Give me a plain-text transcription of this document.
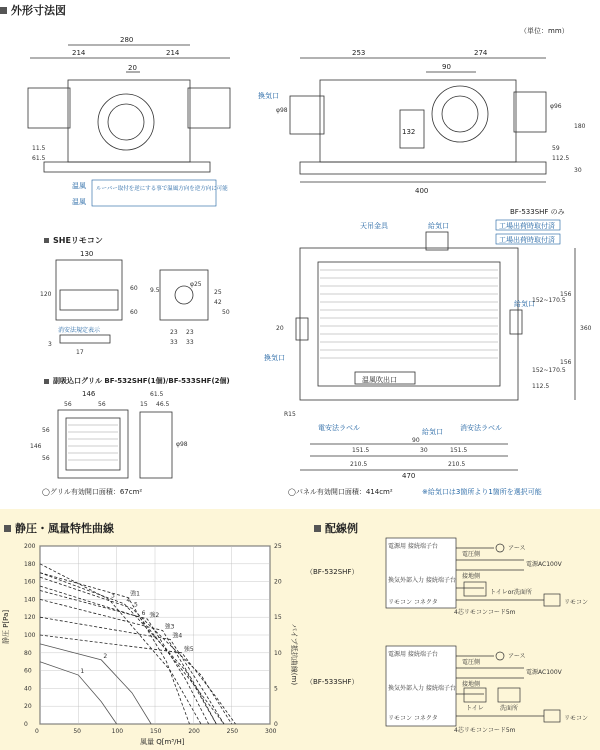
外形寸法図
（単位：mm）
SHEリモコン
副吸込口グリル BF-532SHF(1個)/BF-533SHF(2個)
280
214	214
20
11.5
61.5
温風
温風
ルーバー取付を逆にする事で温風方向を逆方向に可能
253	274
90
132
400
59
112.5
180
30
換気口
φ98
φ96
130
120
60
60
9.5
φ25
25
42
50
23 23
33 33
3
17
消安法規定表示
146
56	56
56
56
146
61.5
15 46.5
φ98
◯グリル有効開口面積：67cm²
BF-533SHF のみ
天吊金具	給気口	工場出荷時取付済
工場出荷時取付済
温風吹出口
換気口
給気口
電安法ラベル	消安法ラベル
給気口
20
152~170.5
152~170.5
112.5
156
156
360
151.5	151.5
210.5	210.5
470
R15
90
30
◯パネル有効開口面積：414cm²	※給気口は3箇所より1箇所を選択可能
静圧・風量特性曲線	配線例
0	50	100	150	200	250	300
0
20
40
60
80
100
120
140
160
180
200
0
5
10
15
20
25
1
2
3
4
5
強1
6 強2
強3
強4
強5
風量 Q[m³/H]
静圧 P[Pa]	パイプ抵抗曲線(m)
（BF-532SHF）
（BF-533SHF）
電源用 接続端子台
換気外部入力 接続端子台
リモコン コネクタ
電源用 接続端子台
換気外部入力 接続端子台
リモコン コネクタ
アース
電圧側
接地側
電源AC100V
トイレor洗面所
リモコン
4芯リモコンコード5m
アース
電圧側
接地側
電源AC100V
トイレ	洗面所
リモコン
4芯リモコンコード5m
